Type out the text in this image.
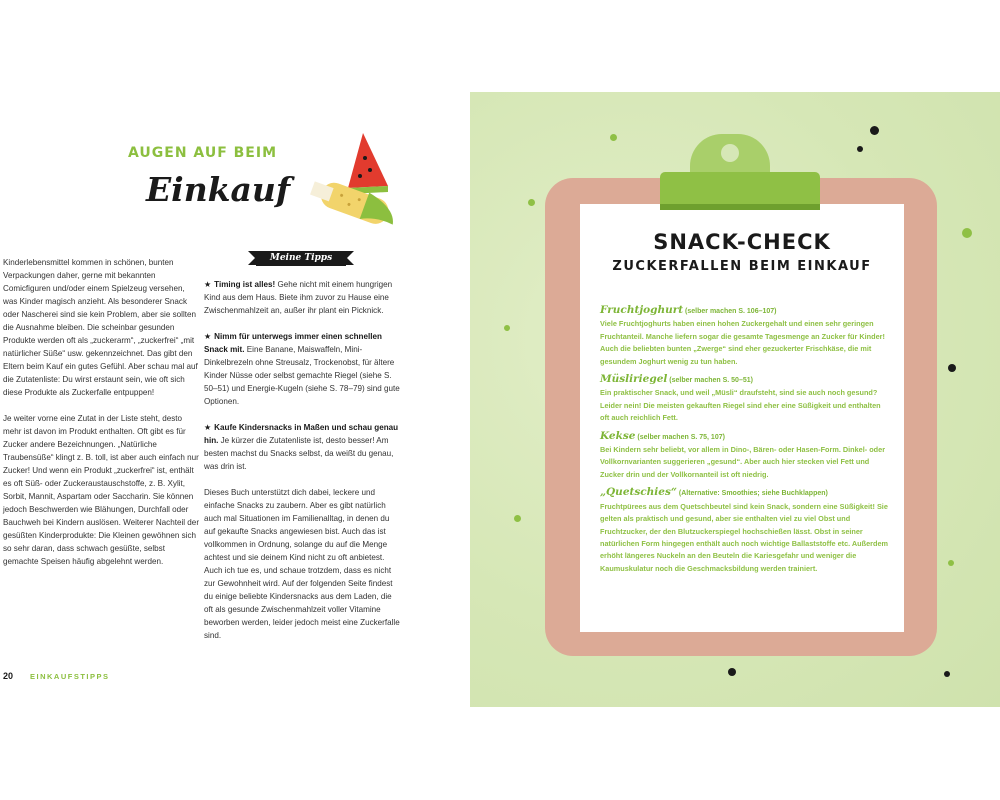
AUGEN AUF BEIM
Einkauf

Kinderlebensmittel kommen in schönen, bunten Verpackungen daher, gerne mit bekannten Comicfiguren und/oder einem Spielzeug versehen, was Kinder magisch anzieht. Als besonderer Snack oder Nascherei sind sie kein Problem, aber sie sollten die Ausnahme bleiben. Die scheinbar gesunden Produkte werden oft als „zuckerarm“, „zuckerfrei“ „mit natürlicher Süße“ usw. gekennzeichnet. Das gibt den Eltern beim Kauf ein gutes Gefühl. Aber schau mal auf die Zutatenliste: Du wirst erstaunt sein, wie oft sich diese Produkte als Zuckerfalle entpuppen!

Je weiter vorne eine Zutat in der Liste steht, desto mehr ist davon im Produkt enthalten. Oft gibt es für Zucker andere Bezeichnungen. „Natürliche Traubensüße“ klingt z. B. toll, ist aber auch einfach nur Zucker! Und wenn ein Produkt „zuckerfrei“ ist, enthält es oft Süß- oder Zuckeraustauschstoffe, z. B. Xylit, Sorbit, Mannit, Aspartam oder Saccharin. Sie können jedoch Beschwerden wie Blähungen, Durchfall oder Bauchweh bei Kindern auslösen. Weiterer Nachteil der gesüßten Kinderprodukte: Die Kleinen gewöhnen sich so sehr daran, dass schwach gesüßte, selbst gemachte Speisen häufig abgelehnt werden.

Meine Tipps

★ Timing ist alles! Gehe nicht mit einem hungrigen Kind aus dem Haus. Biete ihm zuvor zu Hause eine Zwischenmahlzeit an, außer ihr plant ein Picknick.

★ Nimm für unterwegs immer einen schnellen Snack mit. Eine Banane, Maiswaffeln, Mini-Dinkelbrezeln ohne Streusalz, Trockenobst, für ältere Kinder Nüsse oder selbst gemachte Riegel (siehe S. 50–51) und Energie-Kugeln (siehe S. 78–79) sind gute Optionen.

★ Kaufe Kindersnacks in Maßen und schau genau hin. Je kürzer die Zutatenliste ist, desto besser! Am besten machst du Snacks selbst, da weißt du genau, was drin ist.

Dieses Buch unterstützt dich dabei, leckere und einfache Snacks zu zaubern. Aber es gibt natürlich auch mal Situationen im Familienalltag, in denen du auf gekaufte Snacks angewiesen bist. Auch das ist vollkommen in Ordnung, solange du auf die Menge achtest und sie deinem Kind nicht zu oft anbietest. Auch ich tue es, und schaue trotzdem, dass es nicht zur Gewohnheit wird. Auf der folgenden Seite findest du einige beliebte Kindersnacks aus dem Laden, die oft als gesunde Zwischenmahlzeit voller Vitamine beworben werden, leider jedoch meist eine Zuckerfalle sind.

20 EINKAUFSTIPPS
SNACK-CHECK
ZUCKERFALLEN BEIM EINKAUF
Fruchtjoghurt (selber machen S. 106–107)
Viele Fruchtjoghurts haben einen hohen Zuckergehalt und einen sehr geringen Fruchtanteil. Manche liefern sogar die gesamte Tagesmenge an Zucker für Kinder! Auch die beliebten bunten „Zwerge“ sind eher gezuckerter Frischkäse, die mit gesundem Joghurt wenig zu tun haben.
Müsliriegel (selber machen S. 50–51)
Ein praktischer Snack, und weil „Müsli“ draufsteht, sind sie auch noch gesund? Leider nein! Die meisten gekauften Riegel sind eher eine Süßigkeit und enthalten oft auch reichlich Fett.
Kekse (selber machen S. 75, 107)
Bei Kindern sehr beliebt, vor allem in Dino-, Bären- oder Hasen-Form. Dinkel- oder Vollkornvarianten suggerieren „gesund“. Aber auch hier stecken viel Fett und Zucker drin und der Vollkornanteil ist oft niedrig.
„Quetschies“ (Alternative: Smoothies; siehe Buchklappen)
Fruchtpürees aus dem Quetschbeutel sind kein Snack, sondern eine Süßigkeit! Sie gelten als praktisch und gesund, aber sie enthalten viel zu viel Obst und Fruchtzucker, der den Blutzuckerspiegel hochschießen lässt. Obst in seiner natürlichen Form hingegen enthält auch noch wichtige Ballaststoffe etc. Außerdem erhöht längeres Nuckeln an den Beuteln die Kariesgefahr und weniger die Kaumuskulatur noch die Geschmacksbildung werden trainiert.
